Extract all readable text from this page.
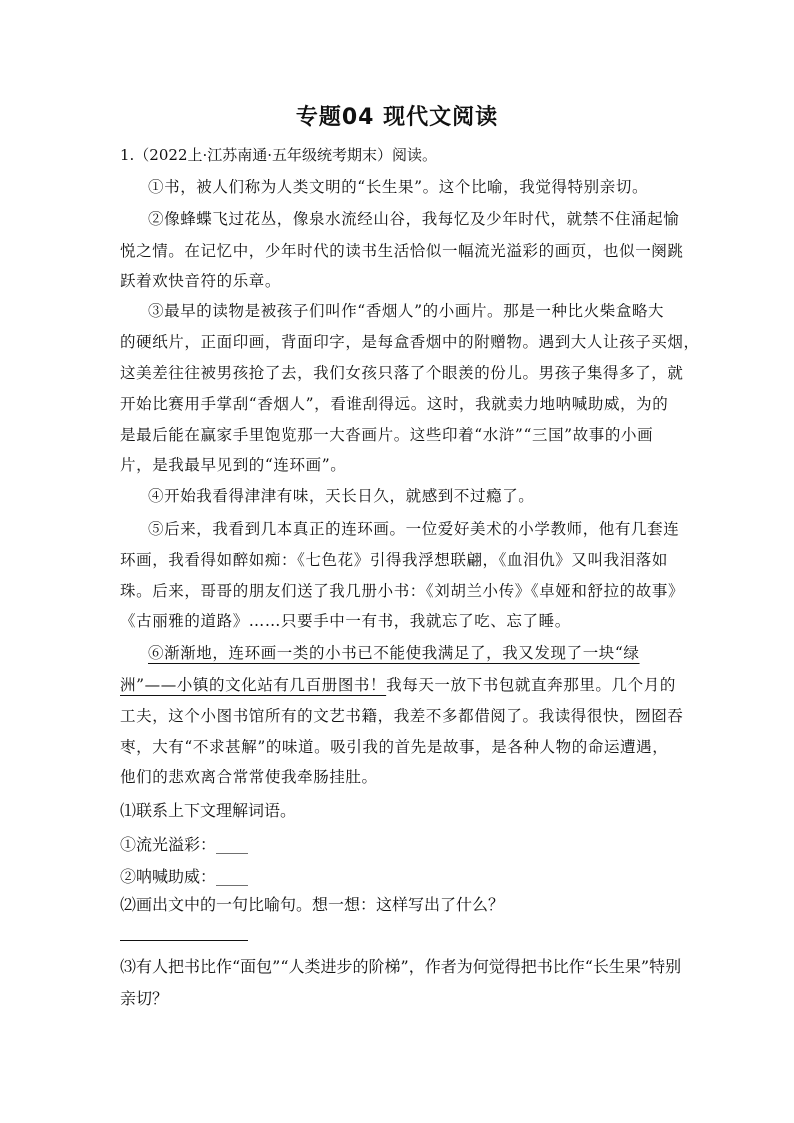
专题04 现代文阅读
1.（2022上·江苏南通·五年级统考期末）阅读。
①书，被人们称为人类文明的“长生果”。这个比喻，我觉得特别亲切。
②像蜂蝶飞过花丛，像泉水流经山谷，我每忆及少年时代，就禁不住涌起愉
悦之情。在记忆中，少年时代的读书生活恰似一幅流光溢彩的画页，也似一阕跳
跃着欢快音符的乐章。
③最早的读物是被孩子们叫作“香烟人”的小画片。那是一种比火柴盒略大
的硬纸片，正面印画，背面印字，是每盒香烟中的附赠物。遇到大人让孩子买烟，
这美差往往被男孩抢了去，我们女孩只落了个眼羡的份儿。男孩子集得多了，就
开始比赛用手掌刮“香烟人”，看谁刮得远。这时，我就卖力地呐喊助威，为的
是最后能在赢家手里饱览那一大沓画片。这些印着“水浒”“三国”故事的小画
片，是我最早见到的“连环画”。
④开始我看得津津有味，天长日久，就感到不过瘾了。
⑤后来，我看到几本真正的连环画。一位爱好美术的小学教师，他有几套连
环画，我看得如醉如痴：《七色花》引得我浮想联翩，《血泪仇》又叫我泪落如
珠。后来，哥哥的朋友们送了我几册小书：《刘胡兰小传》《卓娅和舒拉的故事》
《古丽雅的道路》……只要手中一有书，我就忘了吃、忘了睡。
⑥渐渐地，连环画一类的小书已不能使我满足了，我又发现了一块“绿
洲”——小镇的文化站有几百册图书！我每天一放下书包就直奔那里。几个月的
工夫，这个小图书馆所有的文艺书籍，我差不多都借阅了。我读得很快，囫囵吞
枣，大有“不求甚解”的味道。吸引我的首先是故事，是各种人物的命运遭遇，
他们的悲欢离合常常使我牵肠挂肚。
⑴联系上下文理解词语。
①流光溢彩：____
②呐喊助威：____
⑵画出文中的一句比喻句。想一想：这样写出了什么？
⑶有人把书比作“面包”“人类进步的阶梯”，作者为何觉得把书比作“长生果”特别
亲切？
